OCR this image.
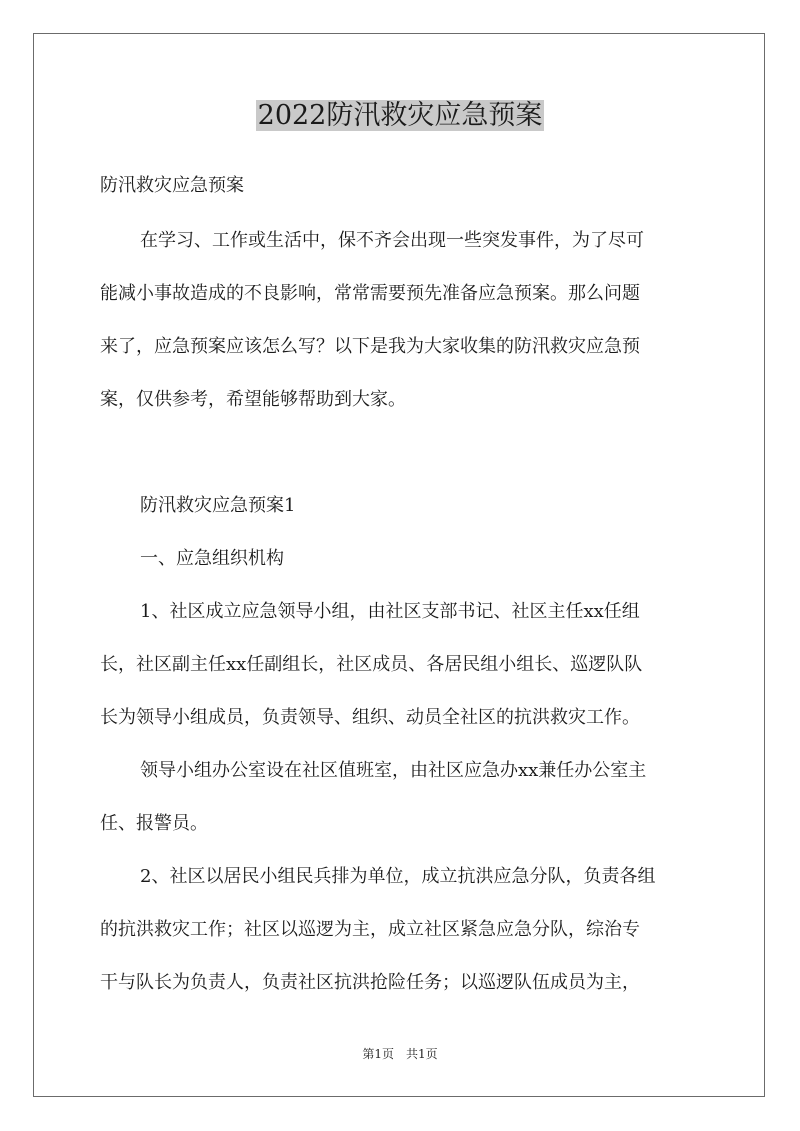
2022防汛救灾应急预案
防汛救灾应急预案
在学习、工作或生活中，保不齐会出现一些突发事件，为了尽可
能减小事故造成的不良影响，常常需要预先准备应急预案。那么问题
来了，应急预案应该怎么写？以下是我为大家收集的防汛救灾应急预
案，仅供参考，希望能够帮助到大家。
防汛救灾应急预案1
一、应急组织机构
1、社区成立应急领导小组，由社区支部书记、社区主任xx任组
长，社区副主任xx任副组长，社区成员、各居民组小组长、巡逻队队
长为领导小组成员，负责领导、组织、动员全社区的抗洪救灾工作。
领导小组办公室设在社区值班室，由社区应急办xx兼任办公室主
任、报警员。
2、社区以居民小组民兵排为单位，成立抗洪应急分队，负责各组
的抗洪救灾工作；社区以巡逻为主，成立社区紧急应急分队，综治专
干与队长为负责人，负责社区抗洪抢险任务；以巡逻队伍成员为主，
第1页　共1页
